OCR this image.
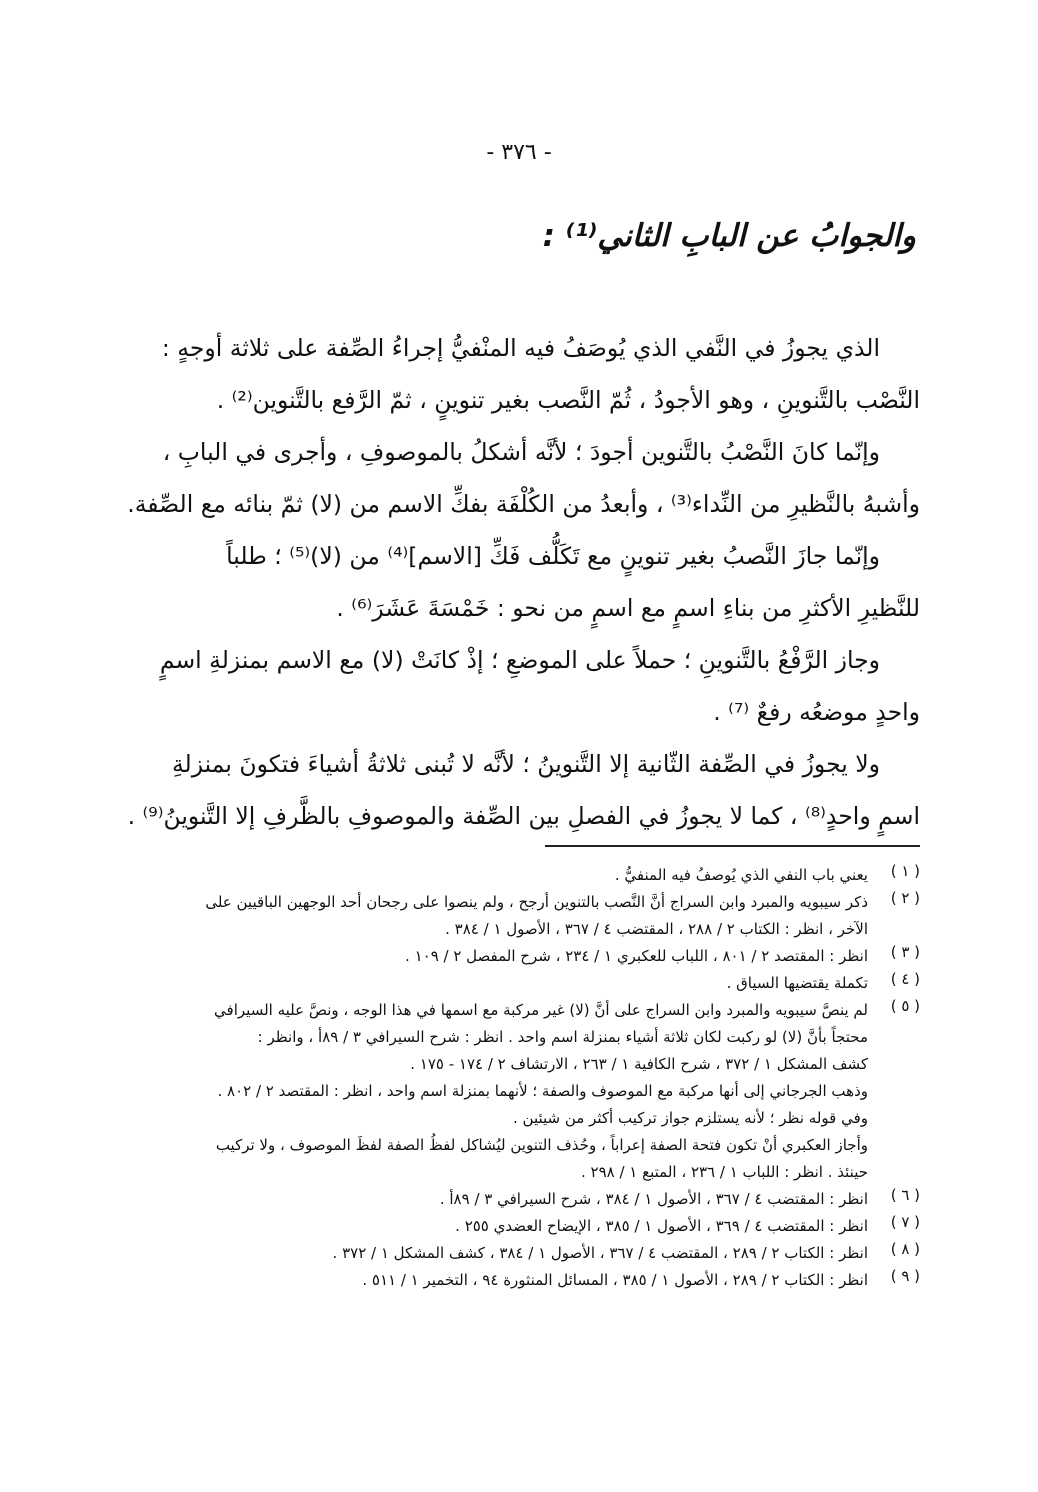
- ٣٧٦ -
والجوابُ عن البابِ الثاني⁽¹⁾ :
الذي يجوزُ في النَّفي الذي يُوصَفُ فيه المنْفيُّ إجراءُ الصِّفة على ثلاثة أوجهٍ :
النَّصْب بالتَّنوينِ ، وهو الأجودُ ، ثُمّ النَّصب بغير تنوينٍ ، ثمّ الرَّفع بالتَّنوين⁽²⁾ .
وإنّما كانَ النَّصْبُ بالتَّنوين أجودَ ؛ لأنَّه أشكلُ بالموصوفِ ، وأجرى في البابِ ،
وأشبهُ بالنَّظيرِ من النِّداء⁽³⁾ ، وأبعدُ من الكُلْفَة بفكِّ الاسم من (لا) ثمّ بنائه مع الصِّفة.
وإنّما جازَ النَّصبُ بغير تنوينٍ مع تَكَلُّف فَكِّ [الاسم]⁽⁴⁾ من (لا)⁽⁵⁾ ؛ طلباً
للنَّظيرِ الأكثرِ من بناءِ اسمٍ مع اسمٍ من نحو : خَمْسَةَ عَشَرَ⁽⁶⁾ .
وجاز الرَّفْعُ بالتَّنوينِ ؛ حملاً على الموضعِ ؛ إذْ كانَتْ (لا) مع الاسم بمنزلةِ اسمٍ
واحدٍ موضعُه رفعٌ ⁽⁷⁾ .
ولا يجوزُ في الصِّفة الثّانية إلا التَّنوينُ ؛ لأنَّه لا تُبنى ثلاثةُ أشياءَ فتكونَ بمنزلةِ
اسمٍ واحدٍ⁽⁸⁾ ، كما لا يجوزُ في الفصلِ بين الصِّفة والموصوفِ بالظَّرفِ إلا التَّنوينُ⁽⁹⁾ .
( ١ )
يعني باب النفي الذي يُوصفُ فيه المنفيُّ .
( ٢ )
ذكر سيبويه والمبرد وابن السراج أنَّ النَّصب بالتنوين أرجح ، ولم ينصوا على رجحان أحد الوجهين الباقيين على
الآخر ، انظر : الكتاب ٢ / ٢٨٨ ، المقتضب ٤ / ٣٦٧ ، الأصول ١ / ٣٨٤ .
( ٣ )
انظر : المقتصد ٢ / ٨٠١ ، اللباب للعكبري ١ / ٢٣٤ ، شرح المفصل ٢ / ١٠٩ .
( ٤ )
تكملة يقتضيها السياق .
( ٥ )
لم ينصَّ سيبويه والمبرد وابن السراج على أنَّ (لا) غير مركبة مع اسمها في هذا الوجه ، ونصَّ عليه السيرافي
محتجاً بأنَّ (لا) لو ركبت لكان ثلاثة أشياء بمنزلة اسم واحد . انظر : شرح السيرافي ٣ / ٨٩أ ، وانظر :
كشف المشكل ١ / ٣٧٢ ، شرح الكافية ١ / ٢٦٣ ، الارتشاف ٢ / ١٧٤ - ١٧٥ .
وذهب الجرجاني إلى أنها مركبة مع الموصوف والصفة ؛ لأنهما بمنزلة اسم واحد ، انظر : المقتصد ٢ / ٨٠٢ .
وفي قوله نظر ؛ لأنه يستلزم جواز تركيب أكثر من شيئين .
وأجاز العكبري أنْ تكون فتحة الصفة إعراباً ، وحُذف التنوين ليُشاكل لفظُ الصفة لفظَ الموصوف ، ولا تركيب
حينئذ . انظر : اللباب ١ / ٢٣٦ ، المتبع ١ / ٢٩٨ .
( ٦ )
انظر : المقتضب ٤ / ٣٦٧ ، الأصول ١ / ٣٨٤ ، شرح السيرافي ٣ / ٨٩أ .
( ٧ )
انظر : المقتضب ٤ / ٣٦٩ ، الأصول ١ / ٣٨٥ ، الإيضاح العضدي ٢٥٥ .
( ٨ )
انظر : الكتاب ٢ / ٢٨٩ ، المقتضب ٤ / ٣٦٧ ، الأصول ١ / ٣٨٤ ، كشف المشكل ١ / ٣٧٢ .
( ٩ )
انظر : الكتاب ٢ / ٢٨٩ ، الأصول ١ / ٣٨٥ ، المسائل المنثورة ٩٤ ، التخمير ١ / ٥١١ .
